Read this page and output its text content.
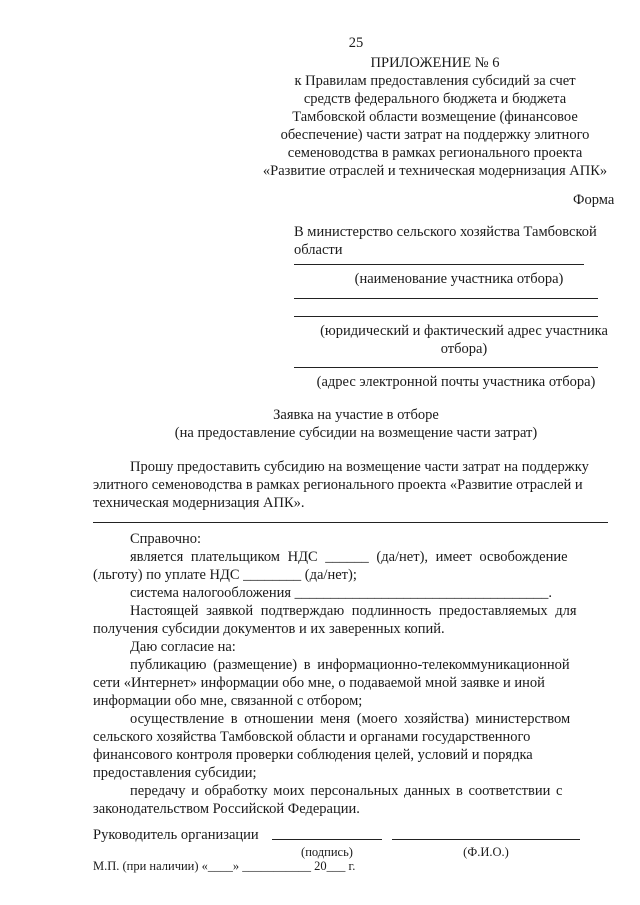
25
ПРИЛОЖЕНИЕ № 6
к Правилам предоставления субсидий за счет
средств федерального бюджета и бюджета
Тамбовской области возмещение (финансовое
обеспечение) части затрат на поддержку элитного
семеноводства в рамках регионального проекта
«Развитие отраслей и техническая модернизация АПК»
Форма
В министерство сельского хозяйства Тамбовской
области
(наименование участника отбора)
(юридический и фактический адрес участника
отбора)
(адрес электронной почты участника отбора)
Заявка на участие в отборе
(на предоставление субсидии на возмещение части затрат)
Прошу предоставить субсидию на возмещение части затрат на поддержку
элитного семеноводства в рамках регионального проекта «Развитие отраслей и
техническая модернизация АПК».
Справочно:
является плательщиком НДС ______ (да/нет), имеет освобождение
(льготу) по уплате НДС ________ (да/нет);
система налогообложения ___________________________________.
Настоящей заявкой подтверждаю подлинность предоставляемых для
получения субсидии документов и их заверенных копий.
Даю согласие на:
публикацию (размещение) в информационно-телекоммуникационной
сети «Интернет» информации обо мне, о подаваемой мной заявке и иной
информации обо мне, связанной с отбором;
осуществление в отношении меня (моего хозяйства) министерством
сельского хозяйства Тамбовской области и органами государственного
финансового контроля проверки соблюдения целей, условий и порядка
предоставления субсидии;
передачу и обработку моих персональных данных в соответствии с
законодательством Российской Федерации.
Руководитель организации
(подпись)	(Ф.И.О.)
М.П. (при наличии) «____» ___________ 20___ г.
